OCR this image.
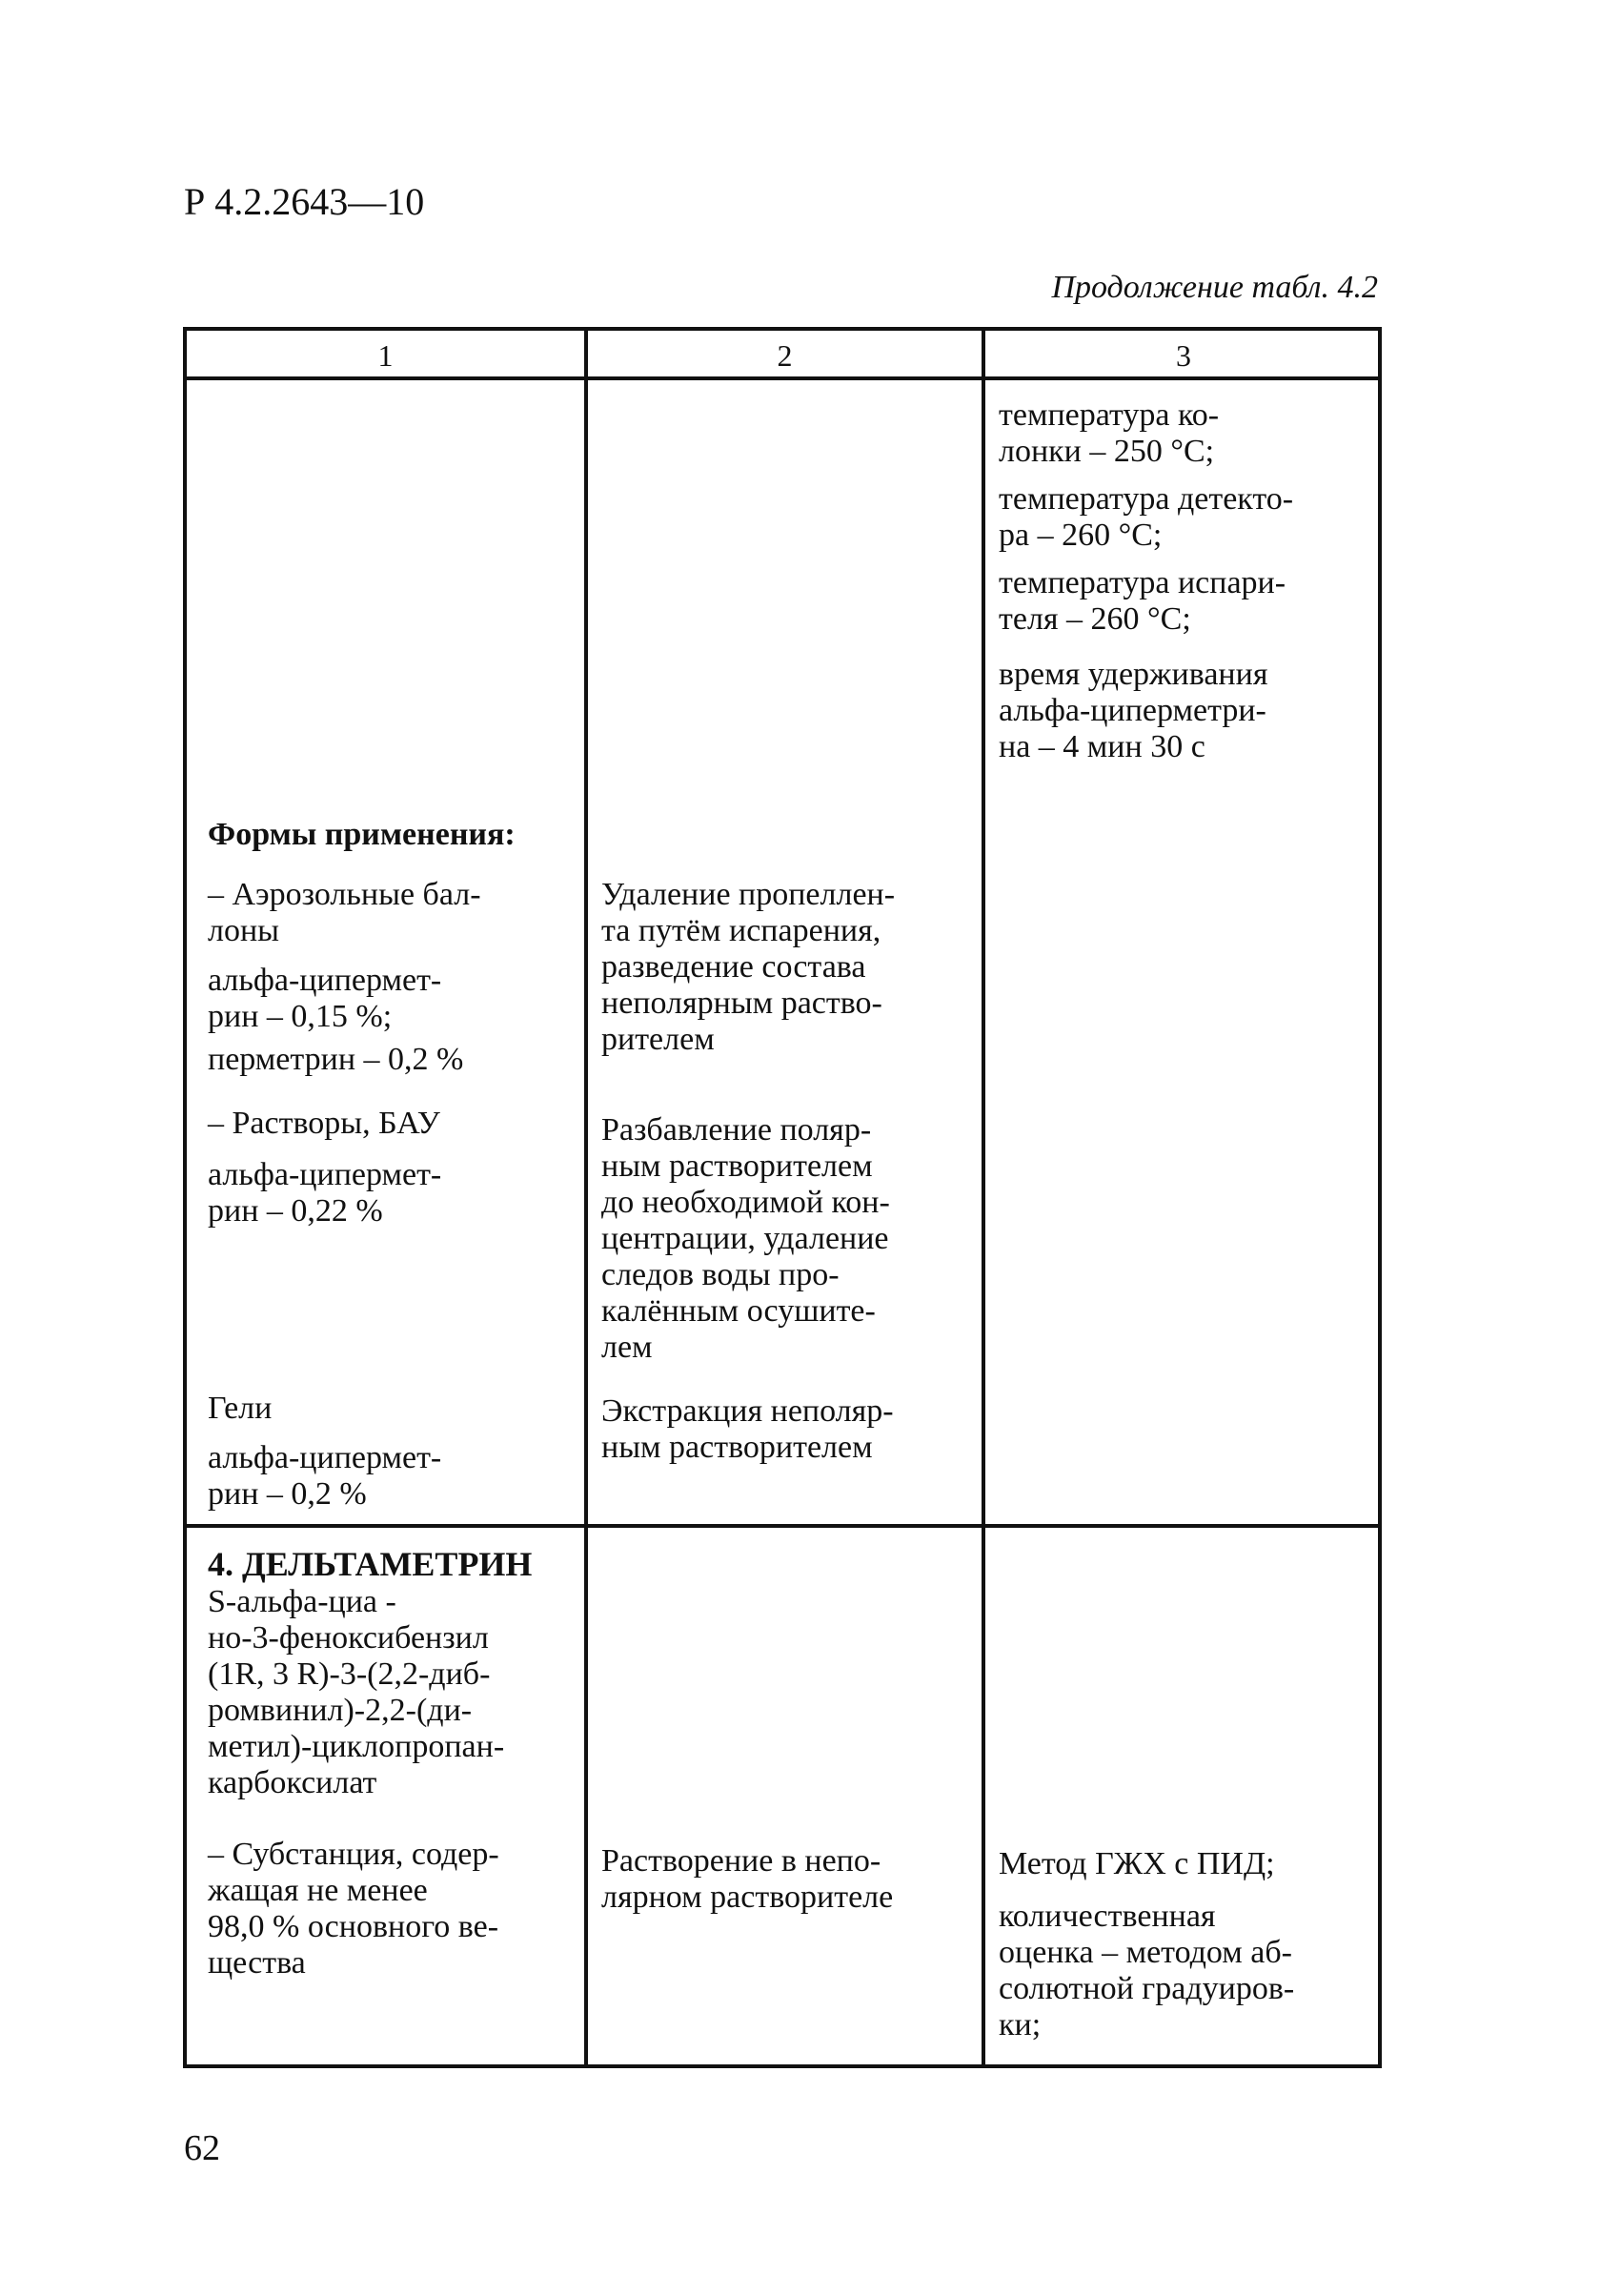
Р 4.2.2643—10
Продолжение табл. 4.2
1	2	3
температура ко-
лонки – 250 °С;
температура детекто-
ра – 260 °С;
температура испари-
теля – 260 °С;
время удерживания
альфа-циперметри-
на – 4 мин 30 с
Формы применения:
– Аэрозольные бал-
лоны
альфа-ципермет-
рин – 0,15 %;
перметрин – 0,2 %
– Растворы, БАУ
альфа-ципермет-
рин – 0,22 %
Гели
альфа-ципермет-
рин – 0,2 %
Удаление пропеллен-
та путём испарения,
разведение состава
неполярным раство-
рителем
Разбавление поляр-
ным растворителем
до необходимой кон-
центрации, удаление
следов воды про-
калённым осушите-
лем
Экстракция неполяр-
ным растворителем
4. ДЕЛЬТАМЕТРИН
S-альфа-циа -
но-3-феноксибензил
(1R, 3 R)-3-(2,2-диб-
ромвинил)-2,2-(ди-
метил)-циклопропан-
карбоксилат
– Субстанция, содер-
жащая не менее
98,0 % основного ве-
щества
Растворение в непо-
лярном растворителе
Метод ГЖХ с ПИД;
количественная
оценка – методом аб-
солютной градуиров-
ки;
62
